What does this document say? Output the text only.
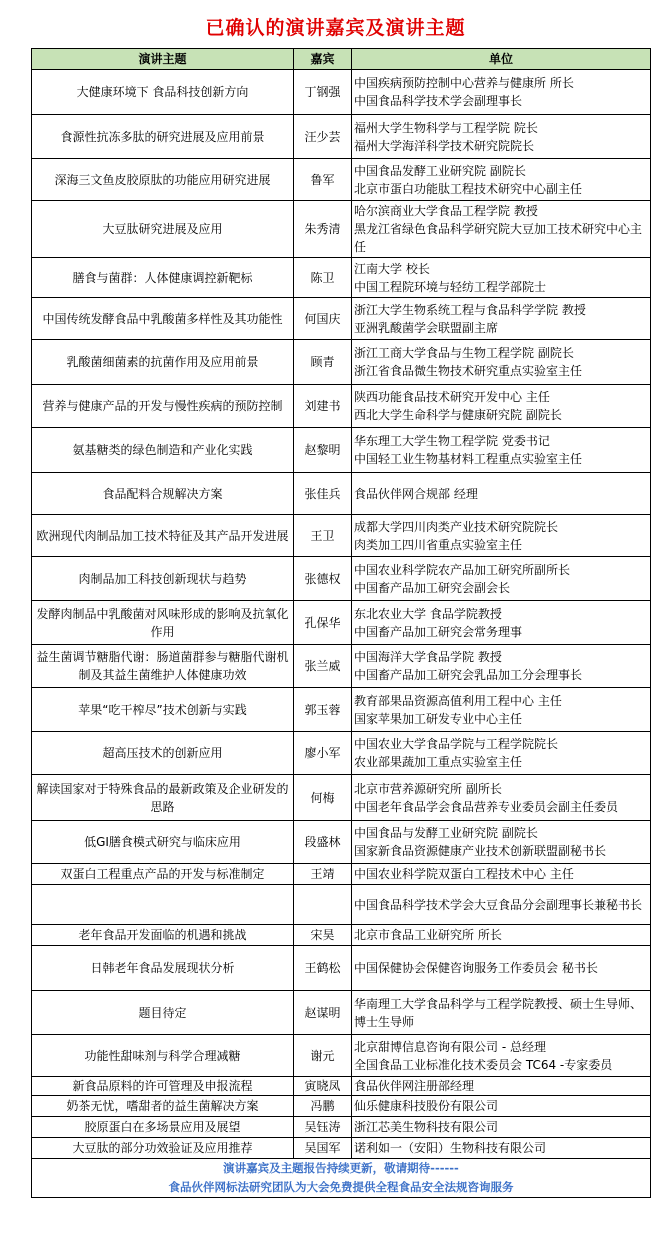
已确认的演讲嘉宾及演讲主题
演讲主题	嘉宾	单位
大健康环境下 食品科技创新方向	丁钢强	中国疾病预防控制中心营养与健康所 所长
中国食品科学技术学会副理事长

食源性抗冻多肽的研究进展及应用前景	汪少芸	福州大学生物科学与工程学院 院长
福州大学海洋科学技术研究院院长

深海三文鱼皮胶原肽的功能应用研究进展	鲁军	中国食品发酵工业研究院 副院长
北京市蛋白功能肽工程技术研究中心副主任

大豆肽研究进展及应用	朱秀清	哈尔滨商业大学食品工程学院 教授
黑龙江省绿色食品科学研究院大豆加工技术研究中心主任

膳食与菌群：人体健康调控新靶标	陈卫	江南大学 校长
中国工程院环境与轻纺工程学部院士

中国传统发酵食品中乳酸菌多样性及其功能性	何国庆	浙江大学生物系统工程与食品科学学院 教授
亚洲乳酸菌学会联盟副主席

乳酸菌细菌素的抗菌作用及应用前景	顾青	浙江工商大学食品与生物工程学院 副院长
浙江省食品微生物技术研究重点实验室主任

营养与健康产品的开发与慢性疾病的预防控制	刘建书	陕西功能食品技术研究开发中心 主任
西北大学生命科学与健康研究院 副院长

氨基糖类的绿色制造和产业化实践	赵黎明	华东理工大学生物工程学院 党委书记
中国轻工业生物基材料工程重点实验室主任

食品配料合规解决方案	张佳兵	食品伙伴网合规部 经理

欧洲现代肉制品加工技术特征及其产品开发进展	王卫	成都大学四川肉类产业技术研究院院长
肉类加工四川省重点实验室主任

肉制品加工科技创新现状与趋势	张德权	中国农业科学院农产品加工研究所副所长
中国畜产品加工研究会副会长

发酵肉制品中乳酸菌对风味形成的影响及抗氧化作用	孔保华	东北农业大学 食品学院教授
中国畜产品加工研究会常务理事

益生菌调节糖脂代谢：肠道菌群参与糖脂代谢机制及其益生菌维护人体健康功效	张兰威	中国海洋大学食品学院 教授
中国畜产品加工研究会乳品加工分会理事长

苹果“吃干榨尽”技术创新与实践	郭玉蓉	教育部果品资源高值利用工程中心 主任
国家苹果加工研发专业中心主任

超高压技术的创新应用	廖小军	中国农业大学食品学院与工程学院院长
农业部果蔬加工重点实验室主任

解读国家对于特殊食品的最新政策及企业研发的思路	何梅	北京市营养源研究所 副所长
中国老年食品学会食品营养专业委员会副主任委员

低GI膳食模式研究与临床应用	段盛林	中国食品与发酵工业研究院 副院长
国家新食品资源健康产业技术创新联盟副秘书长

双蛋白工程重点产品的开发与标准制定	王靖	中国农业科学院双蛋白工程技术中心 主任

		中国食品科学技术学会大豆食品分会副理事长兼秘书长

老年食品开发面临的机遇和挑战	宋昊	北京市食品工业研究所 所长

日韩老年食品发展现状分析	王鹤松	中国保健协会保健咨询服务工作委员会 秘书长

题目待定	赵谋明	华南理工大学食品科学与工程学院教授、硕士生导师、博士生导师

功能性甜味剂与科学合理减糖	谢元	北京甜博信息咨询有限公司 - 总经理
全国食品工业标准化技术委员会 TC64 -专家委员

新食品原料的许可管理及申报流程	寅晓凤	食品伙伴网注册部经理

奶茶无忧，嗜甜者的益生菌解决方案	冯鹏	仙乐健康科技股份有限公司

胶原蛋白在多场景应用及展望	吴钰涛	浙江芯美生物科技有限公司

大豆肽的部分功效验证及应用推荐	吴国军	诺利如一（安阳）生物科技有限公司

演讲嘉宾及主题报告持续更新，敬请期待------
食品伙伴网标法研究团队为大会免费提供全程食品安全法规咨询服务		
